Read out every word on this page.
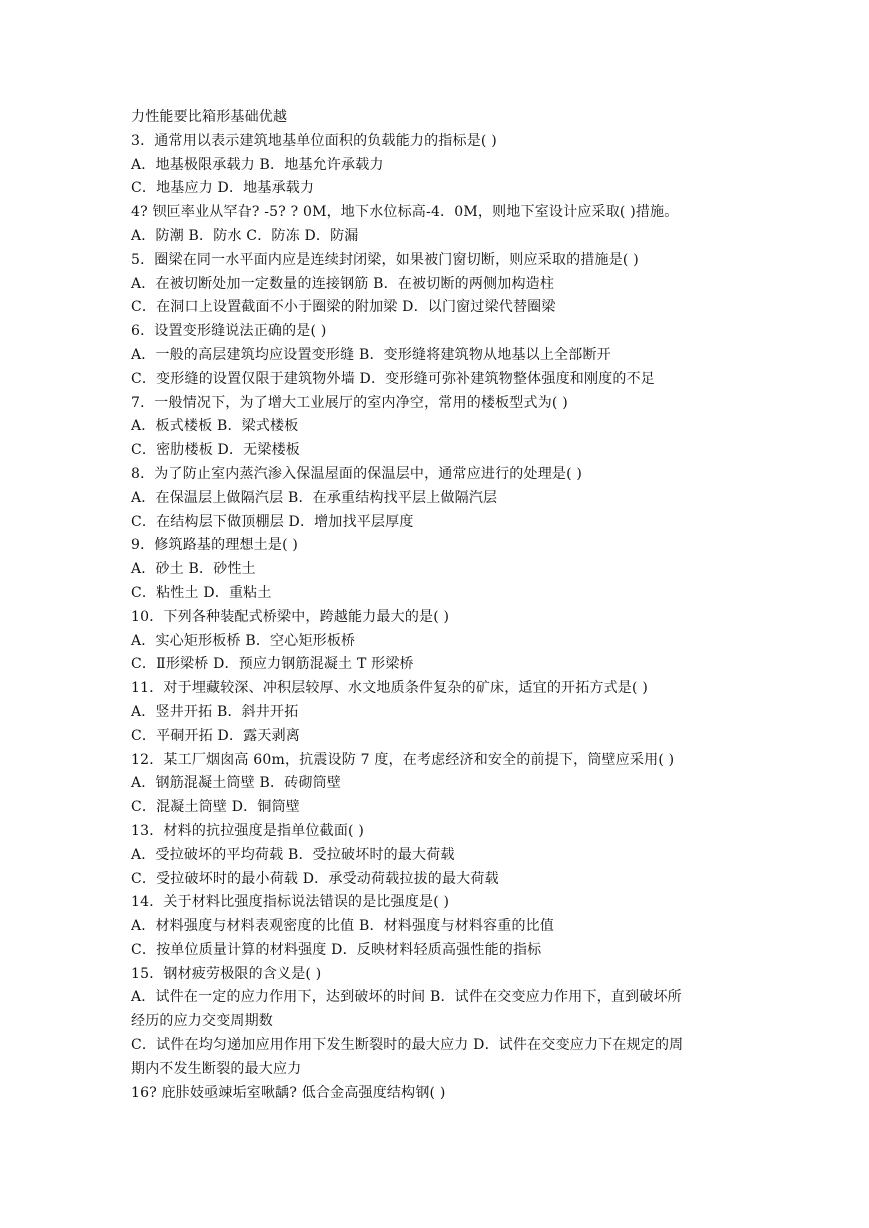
力性能要比箱形基础优越
3．通常用以表示建筑地基单位面积的负载能力的指标是( )
A．地基极限承载力 B．地基允许承载力
C．地基应力 D．地基承载力
4? 钡叵率业从罕旮? -5? ? 0M，地下水位标高-4．0M，则地下室设计应采取( )措施。
A．防潮 B．防水 C．防冻 D．防漏
5．圈梁在同一水平面内应是连续封闭梁，如果被门窗切断，则应采取的措施是( )
A．在被切断处加一定数量的连接钢筋 B．在被切断的两侧加构造柱
C．在洞口上设置截面不小于圈梁的附加梁 D．以门窗过梁代替圈梁
6．设置变形缝说法正确的是( )
A．一般的高层建筑均应设置变形缝 B．变形缝将建筑物从地基以上全部断开
C．变形缝的设置仅限于建筑物外墙 D．变形缝可弥补建筑物整体强度和刚度的不足
7．一般情况下，为了增大工业展厅的室内净空，常用的楼板型式为( )
A．板式楼板 B．梁式楼板
C．密肋楼板 D．无梁楼板
8．为了防止室内蒸汽渗入保温屋面的保温层中，通常应进行的处理是( )
A．在保温层上做隔汽层 B．在承重结构找平层上做隔汽层
C．在结构层下做顶棚层 D．增加找平层厚度
9．修筑路基的理想土是( )
A．砂土 B．砂性土
C．粘性土 D．重粘土
10．下列各种装配式桥梁中，跨越能力最大的是( )
A．实心矩形板桥 B．空心矩形板桥
C．Ⅱ形梁桥 D．预应力钢筋混凝土 T 形梁桥
11．对于埋藏较深、冲积层较厚、水文地质条件复杂的矿床，适宜的开拓方式是( )
A．竖井开拓 B．斜井开拓
C．平硐开拓 D．露天剥离
12．某工厂烟囱高 60m，抗震设防 7 度，在考虑经济和安全的前提下，筒壁应采用( )
A．钢筋混凝土筒壁 B．砖砌筒壁
C．混凝土筒壁 D．铜筒壁
13．材料的抗拉强度是指单位截面( )
A．受拉破坏的平均荷载 B．受拉破坏时的最大荷载
C．受拉破坏时的最小荷载 D．承受动荷载拉拔的最大荷载
14．关于材料比强度指标说法错误的是比强度是( )
A．材料强度与材料表观密度的比值 B．材料强度与材料容重的比值
C．按单位质量计算的材料强度 D．反映材料轻质高强性能的指标
15．钢材疲劳极限的含义是( )
A．试件在一定的应力作用下，达到破坏的时间 B．试件在交变应力作用下，直到破坏所
经历的应力交变周期数
C．试件在均匀递加应用作用下发生断裂时的最大应力 D．试件在交变应力下在规定的周
期内不发生断裂的最大应力
16? 庇胩妓亟竦垢室啾龋? 低合金高强度结构钢( )
